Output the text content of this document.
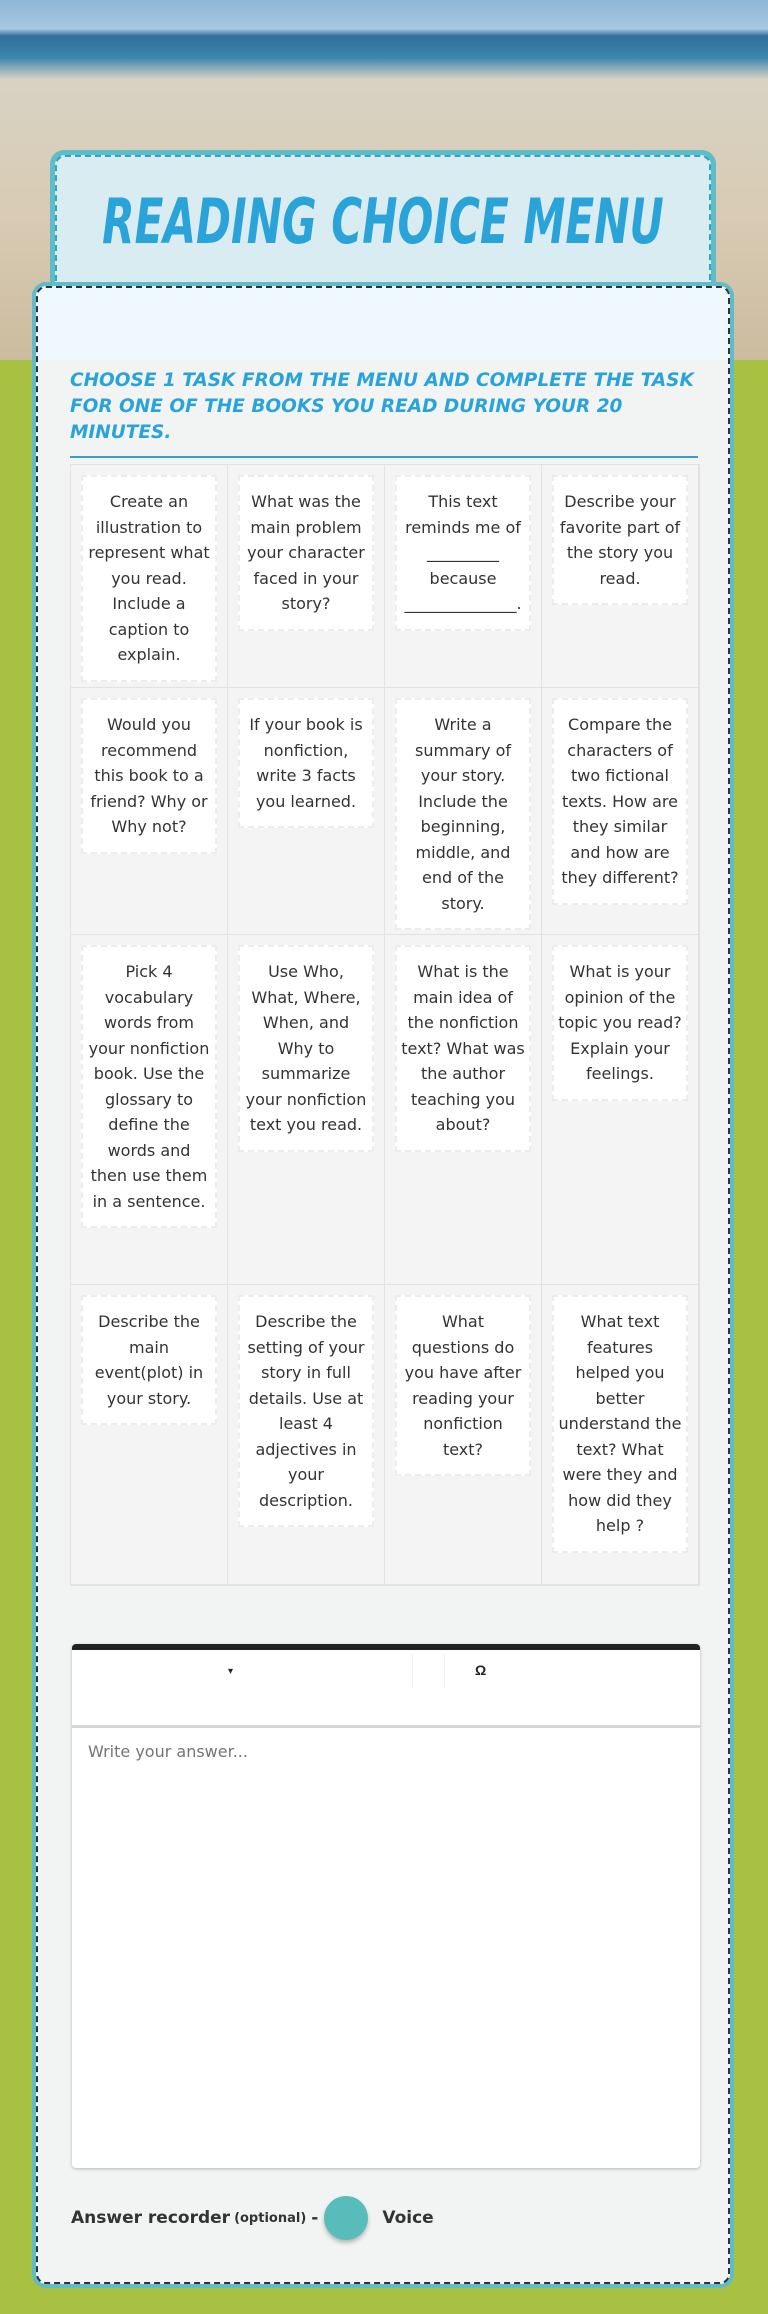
READING CHOICE MENU
CHOOSE 1 TASK FROM THE MENU AND COMPLETE THE TASK FOR ONE OF THE BOOKS YOU READ DURING YOUR 20 MINUTES.
Create an illustration to represent what you read. Include a caption to explain.
What was the main problem your character faced in your story?
This text reminds me of _________ because ______________.
Describe your favorite part of the story you read.
Would you recommend this book to a friend? Why or Why not?
If your book is nonfiction, write 3 facts you learned.
Write a summary of your story. Include the beginning, middle, and end of the story.
Compare the characters of two fictional texts. How are they similar and how are they different?
Pick 4 vocabulary words from your nonfiction book. Use the glossary to define the words and then use them in a sentence.
Use Who, What, Where, When, and Why to summarize your nonfiction text you read.
What is the main idea of the nonfiction text? What was the author teaching you about?
What is your opinion of the topic you read? Explain your feelings.
Describe the main event(plot) in your story.
Describe the setting of your story in full details. Use at least 4 adjectives in your description.
What questions do you have after reading your nonfiction text?
What text features helped you better understand the text? What were they and how did they help ?
▾	Ω
Write your answer...
Answer recorder (optional) -	Voice
